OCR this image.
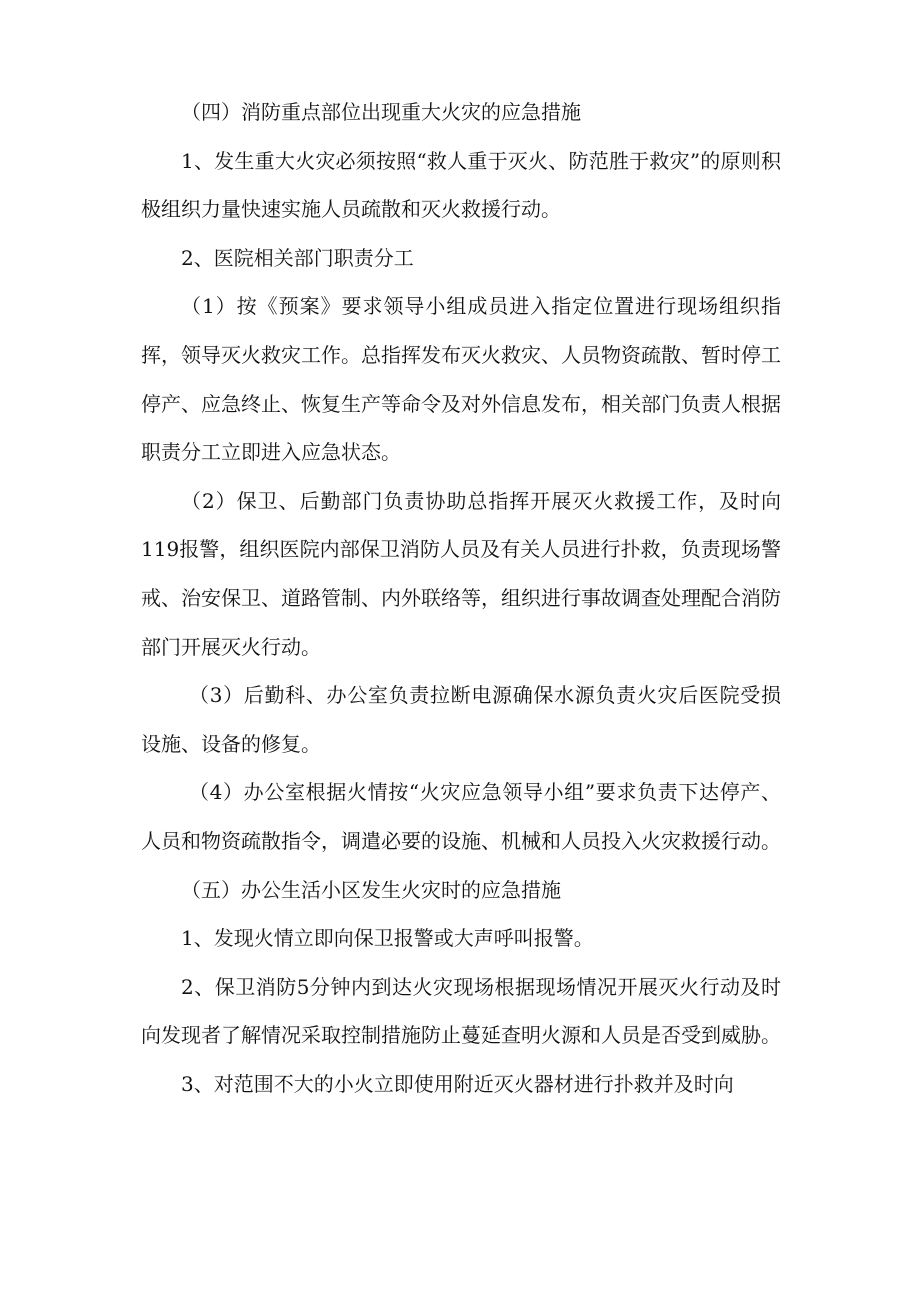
（四）消防重点部位出现重大火灾的应急措施

1、发生重大火灾必须按照“救人重于灭火、防范胜于救灾”的原则积极组织力量快速实施人员疏散和灭火救援行动。

2、医院相关部门职责分工

（1）按《预案》要求领导小组成员进入指定位置进行现场组织指挥，领导灭火救灾工作。总指挥发布灭火救灾、人员物资疏散、暂时停工停产、应急终止、恢复生产等命令及对外信息发布，相关部门负责人根据职责分工立即进入应急状态。

（2）保卫、后勤部门负责协助总指挥开展灭火救援工作，及时向119报警，组织医院内部保卫消防人员及有关人员进行扑救，负责现场警戒、治安保卫、道路管制、内外联络等，组织进行事故调查处理配合消防部门开展灭火行动。

（3）后勤科、办公室负责拉断电源确保水源负责火灾后医院受损设施、设备的修复。

（4）办公室根据火情按“火灾应急领导小组”要求负责下达停产、人员和物资疏散指令，调遣必要的设施、机械和人员投入火灾救援行动。

（五）办公生活小区发生火灾时的应急措施

1、发现火情立即向保卫报警或大声呼叫报警。

2、保卫消防5分钟内到达火灾现场根据现场情况开展灭火行动及时向发现者了解情况采取控制措施防止蔓延查明火源和人员是否受到威胁。

3、对范围不大的小火立即使用附近灭火器材进行扑救并及时向
